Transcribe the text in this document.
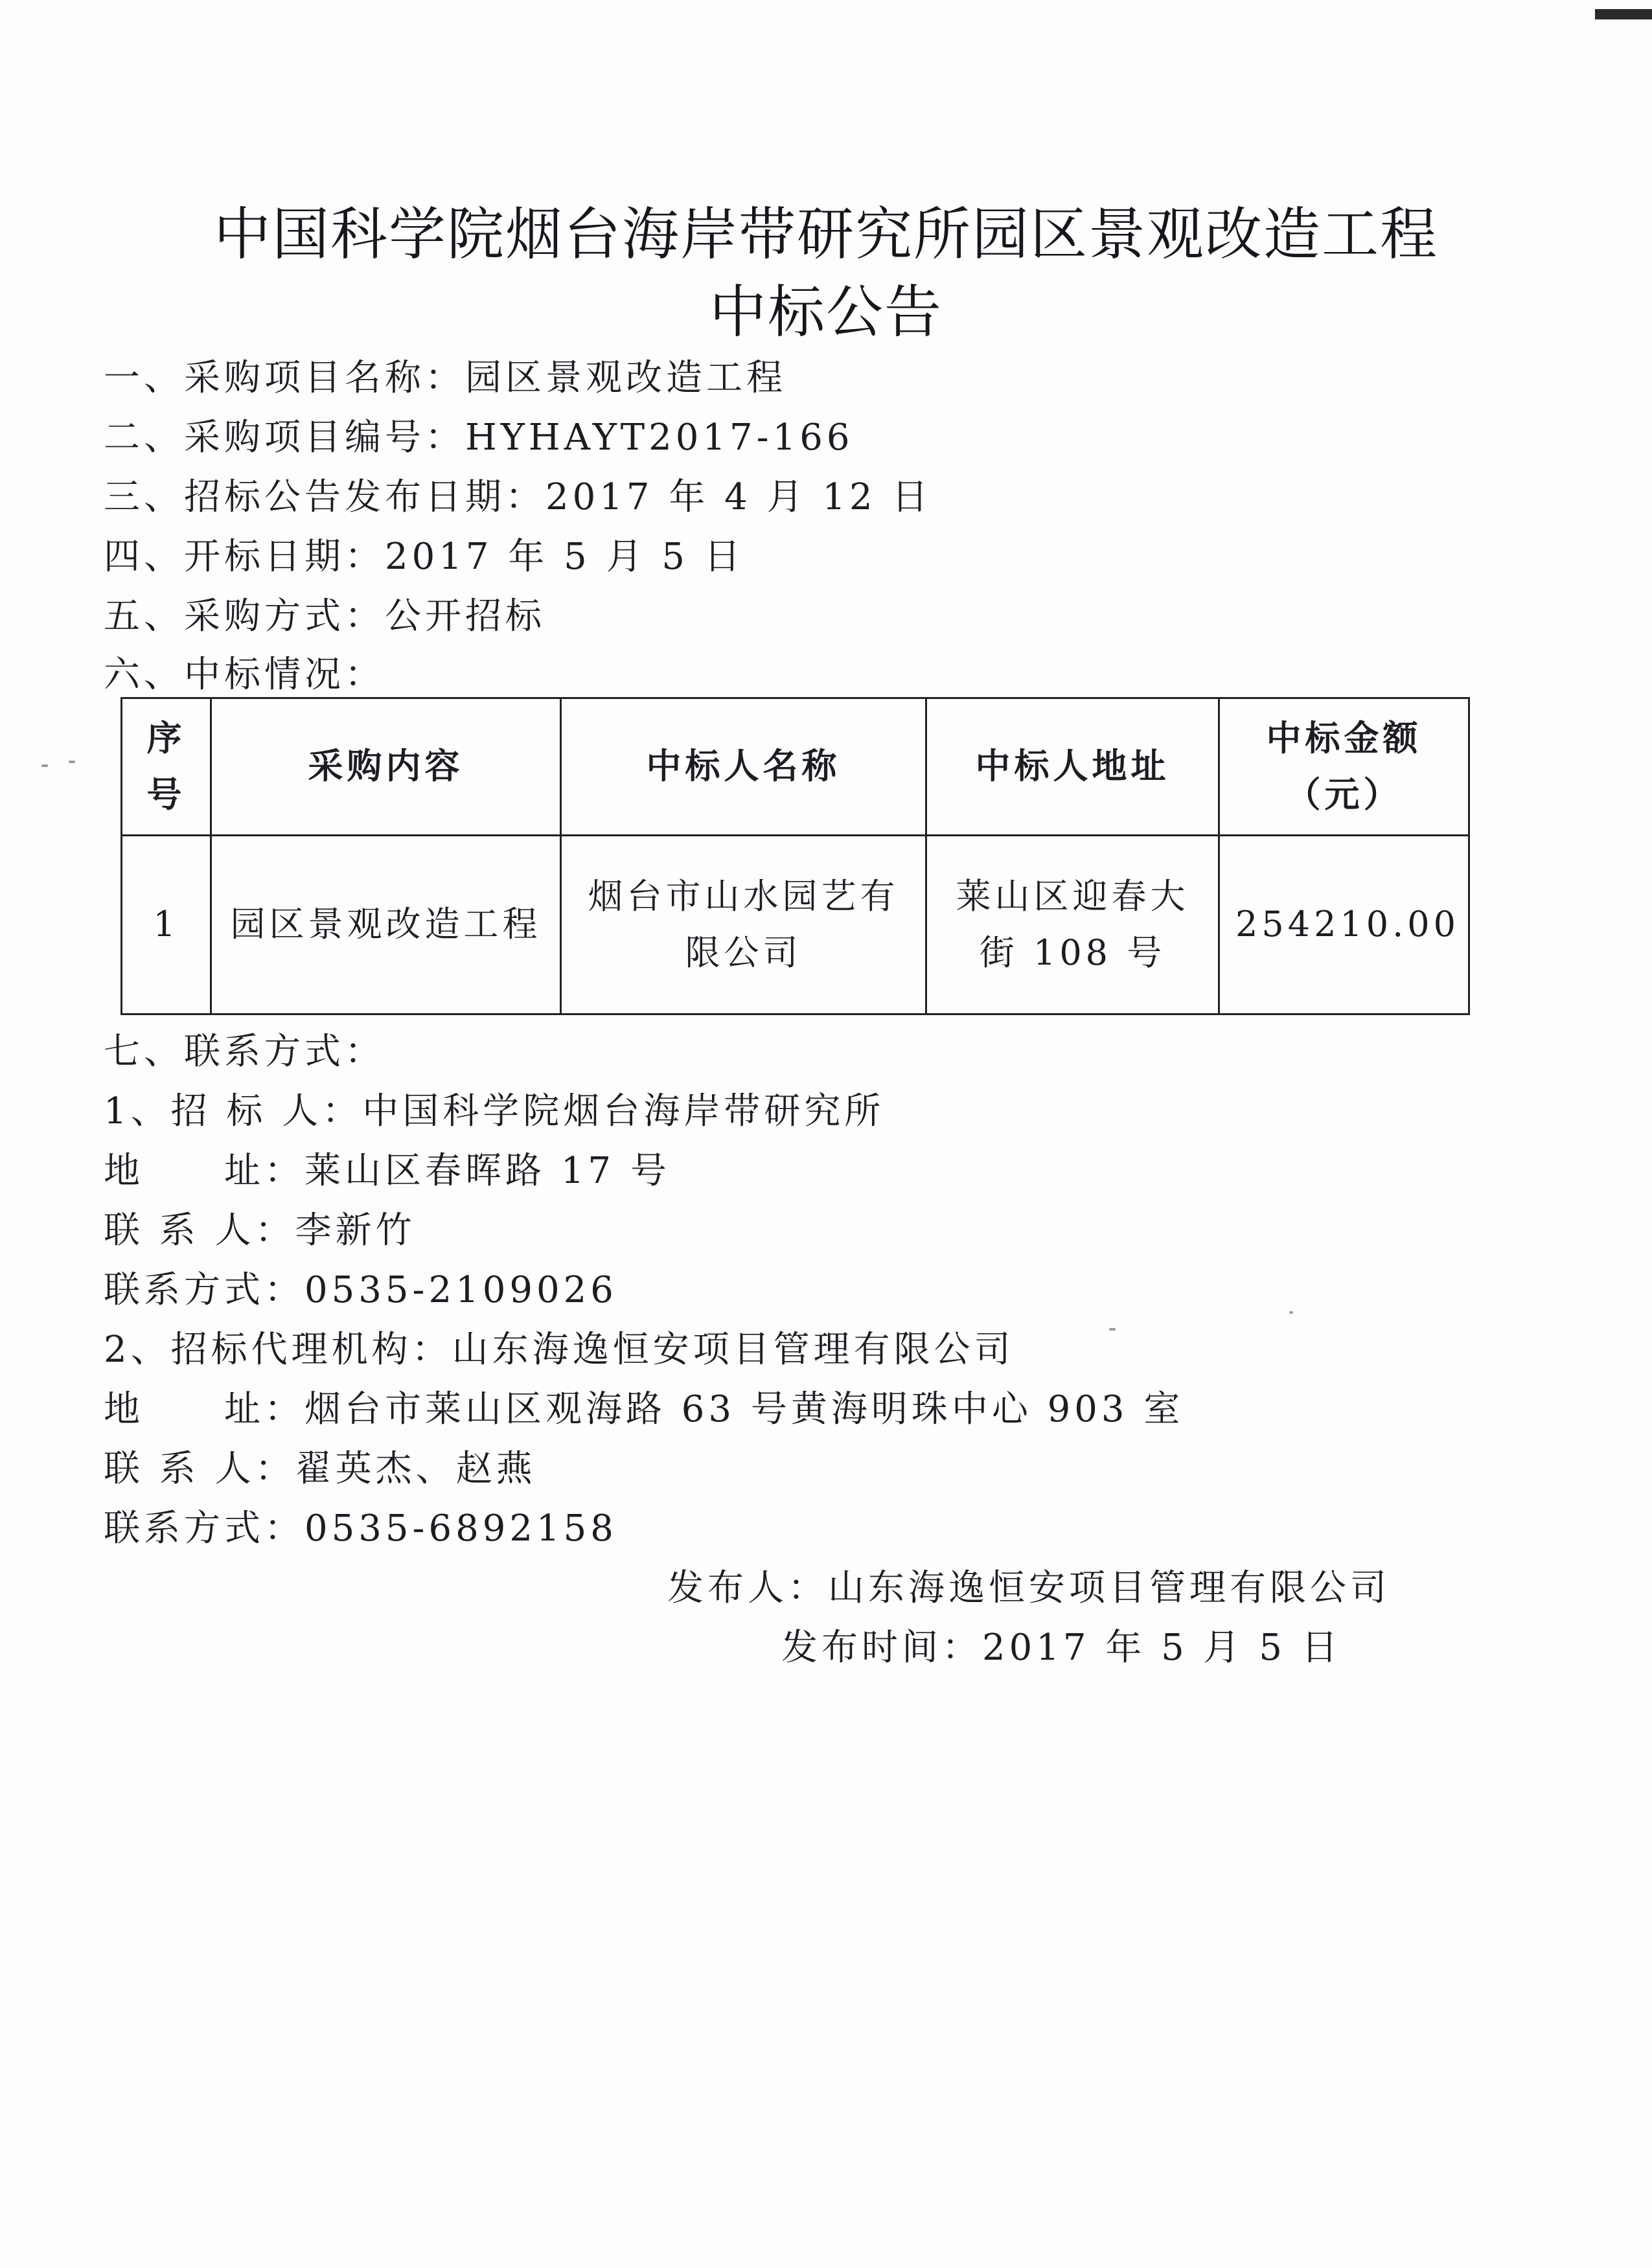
中国科学院烟台海岸带研究所园区景观改造工程
中标公告
一、采购项目名称：园区景观改造工程
二、采购项目编号：HYHAYT2017-166
三、招标公告发布日期：2017 年 4 月 12 日
四、开标日期：2017 年 5 月 5 日
五、采购方式：公开招标
六、中标情况：
序号	采购内容	中标人名称	中标人地址	中标金额（元）
1	园区景观改造工程	烟台市山水园艺有限公司	莱山区迎春大街 108 号	254210.00
七、联系方式：
1、招 标 人：中国科学院烟台海岸带研究所
地　　址：莱山区春晖路 17 号
联 系 人：李新竹
联系方式：0535-2109026
2、招标代理机构：山东海逸恒安项目管理有限公司
地　　址：烟台市莱山区观海路 63 号黄海明珠中心 903 室
联 系 人：翟英杰、赵燕
联系方式：0535-6892158
发布人：山东海逸恒安项目管理有限公司
发布时间：2017 年 5 月 5 日
